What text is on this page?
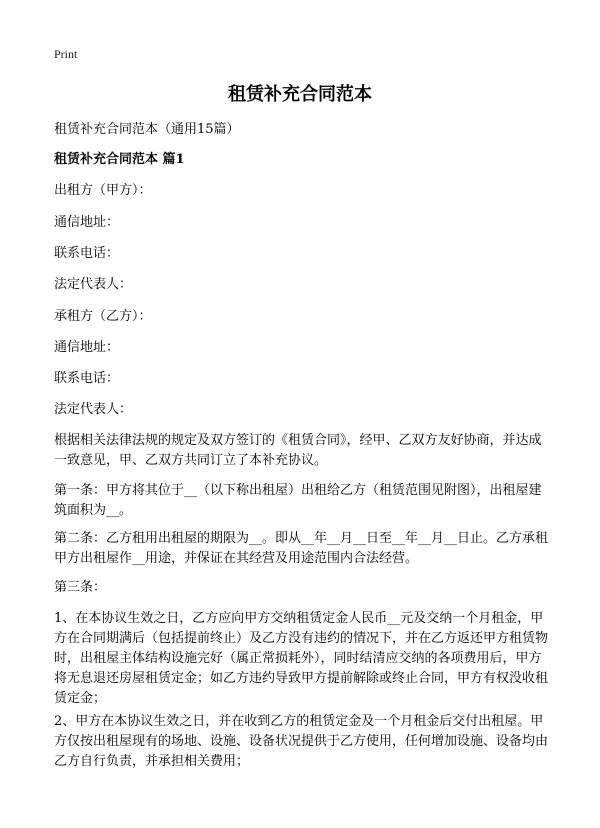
Print
租赁补充合同范本
租赁补充合同范本（通用15篇）
租赁补充合同范本 篇1
出租方（甲方）：
通信地址：
联系电话：
法定代表人：
承租方（乙方）：
通信地址：
联系电话：
法定代表人：
根据相关法律法规的规定及双方签订的《租赁合同》，经甲、乙双方友好协商，并达成一致意见，甲、乙双方共同订立了本补充协议。
第一条：甲方将其位于__（以下称出租屋）出租给乙方（租赁范围见附图），出租屋建筑面积为__。
第二条：乙方租用出租屋的期限为__。即从__年__月__日至__年__月__日止。乙方承租甲方出租屋作__用途，并保证在其经营及用途范围内合法经营。
第三条：
1、在本协议生效之日，乙方应向甲方交纳租赁定金人民币__元及交纳一个月租金，甲方在合同期满后（包括提前终止）及乙方没有违约的情况下，并在乙方返还甲方租赁物时，出租屋主体结构设施完好（属正常损耗外），同时结清应交纳的各项费用后，甲方将无息退还房屋租赁定金；如乙方违约导致甲方提前解除或终止合同，甲方有权没收租赁定金；
2、甲方在本协议生效之日，并在收到乙方的租赁定金及一个月租金后交付出租屋。甲方仅按出租屋现有的场地、设施、设备状况提供于乙方使用，任何增加设施、设备均由乙方自行负责，并承担相关费用；
